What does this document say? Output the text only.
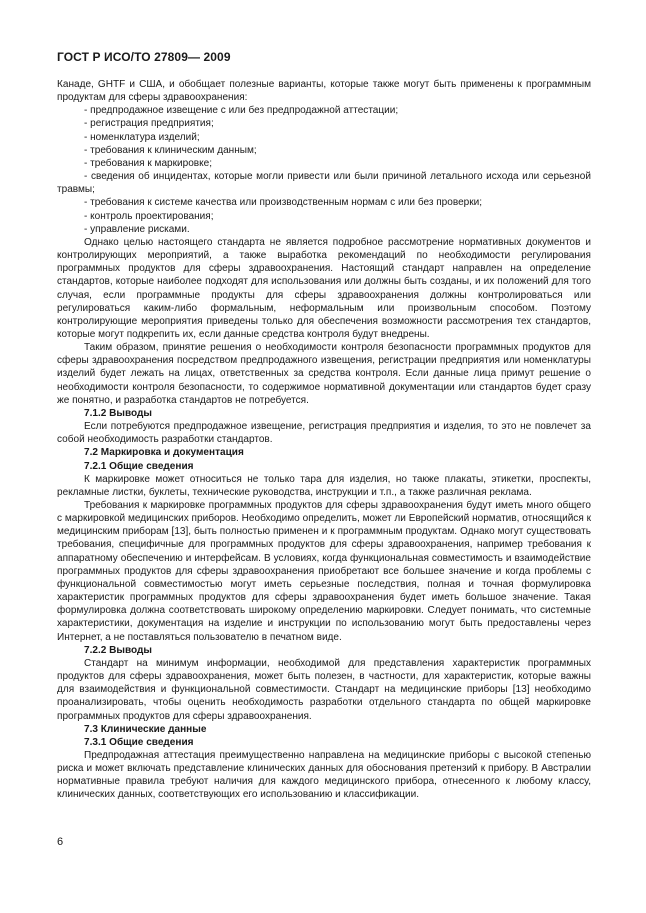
ГОСТ Р ИСО/ТО 27809— 2009

Канаде, GHTF и США, и обобщает полезные варианты, которые также могут быть применены к программным продуктам для сферы здравоохранения:

- предпродажное извещение с или без предпродажной аттестации;

- регистрация предприятия;

- номенклатура изделий;

- требования к клиническим данным;

- требования к маркировке;

- сведения об инцидентах, которые могли привести или были причиной летального исхода или серьезной травмы;

- требования к системе качества или производственным нормам с или без проверки;

- контроль проектирования;

- управление рисками.

Однако целью настоящего стандарта не является подробное рассмотрение нормативных документов и контролирующих мероприятий, а также выработка рекомендаций по необходимости регулирования программных продуктов для сферы здравоохранения. Настоящий стандарт направлен на определение стандартов, которые наиболее подходят для использования или должны быть созданы, и их положений для того случая, если программные продукты для сферы здравоохранения должны контролироваться или регулироваться каким-либо формальным, неформальным или произвольным способом. Поэтому контролирующие мероприятия приведены только для обеспечения возможности рассмотрения тех стандартов, которые могут подкрепить их, если данные средства контроля будут внедрены.

Таким образом, принятие решения о необходимости контроля безопасности программных продуктов для сферы здравоохранения посредством предпродажного извещения, регистрации предприятия или номенклатуры изделий будет лежать на лицах, ответственных за средства контроля. Если данные лица примут решение о необходимости контроля безопасности, то содержимое нормативной документации или стандартов будет сразу же понятно, и разработка стандартов не потребуется.

7.1.2 Выводы

Если потребуются предпродажное извещение, регистрация предприятия и изделия, то это не повлечет за собой необходимость разработки стандартов.

7.2 Маркировка и документация

7.2.1 Общие сведения

К маркировке может относиться не только тара для изделия, но также плакаты, этикетки, проспекты, рекламные листки, буклеты, технические руководства, инструкции и т.п., а также различная реклама.

Требования к маркировке программных продуктов для сферы здравоохранения будут иметь много общего с маркировкой медицинских приборов. Необходимо определить, может ли Европейский норматив, относящийся к медицинским приборам [13], быть полностью применен и к программным продуктам. Однако могут существовать требования, специфичные для программных продуктов для сферы здравоохранения, например требования к аппаратному обеспечению и интерфейсам. В условиях, когда функциональная совместимость и взаимодействие программных продуктов для сферы здравоохранения приобретают все большее значение и когда проблемы с функциональной совместимостью могут иметь серьезные последствия, полная и точная формулировка характеристик программных продуктов для сферы здравоохранения будет иметь большое значение. Такая формулировка должна соответствовать широкому определению маркировки. Следует понимать, что системные характеристики, документация на изделие и инструкции по использованию могут быть предоставлены через Интернет, а не поставляться пользователю в печатном виде.

7.2.2 Выводы

Стандарт на минимум информации, необходимой для представления характеристик программных продуктов для сферы здравоохранения, может быть полезен, в частности, для характеристик, которые важны для взаимодействия и функциональной совместимости. Стандарт на медицинские приборы [13] необходимо проанализировать, чтобы оценить необходимость разработки отдельного стандарта по общей маркировке программных продуктов для сферы здравоохранения.

7.3 Клинические данные

7.3.1 Общие сведения

Предпродажная аттестация преимущественно направлена на медицинские приборы с высокой степенью риска и может включать представление клинических данных для обоснования претензий к прибору. В Австралии нормативные правила требуют наличия для каждого медицинского прибора, отнесенного к любому классу, клинических данных, соответствующих его использованию и классификации.

6
